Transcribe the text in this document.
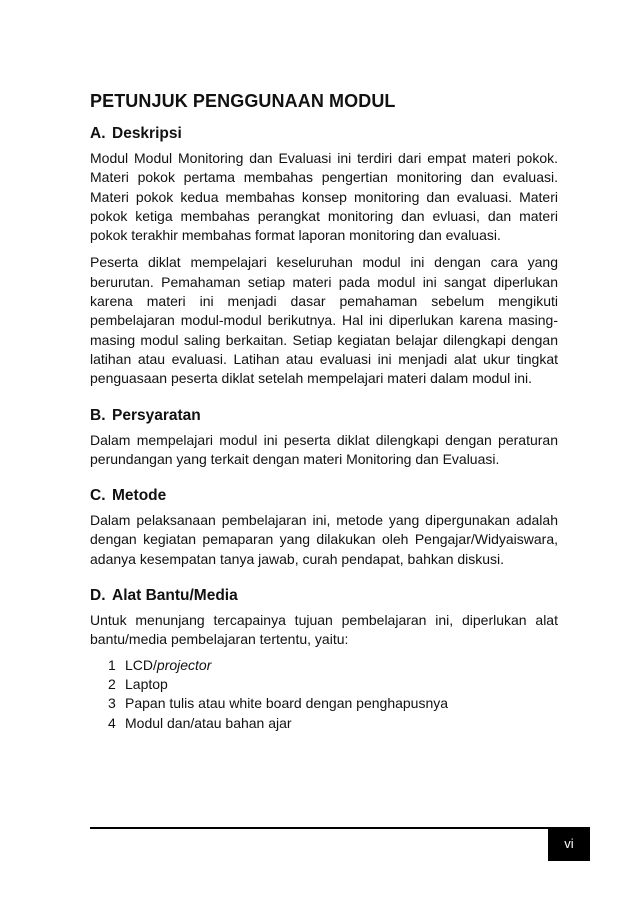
PETUNJUK PENGGUNAAN MODUL
A. Deskripsi

Modul Modul Monitoring dan Evaluasi ini terdiri dari empat materi pokok. Materi pokok pertama membahas pengertian monitoring dan evaluasi. Materi pokok kedua membahas konsep monitoring dan evaluasi. Materi pokok ketiga membahas perangkat monitoring dan evluasi, dan materi pokok terakhir membahas format laporan monitoring dan evaluasi.

Peserta diklat mempelajari keseluruhan modul ini dengan cara yang berurutan. Pemahaman setiap materi pada modul ini sangat diperlukan karena materi ini menjadi dasar pemahaman sebelum mengikuti pembelajaran modul-modul berikutnya. Hal ini diperlukan karena masing-masing modul saling berkaitan. Setiap kegiatan belajar dilengkapi dengan latihan atau evaluasi. Latihan atau evaluasi ini menjadi alat ukur tingkat penguasaan peserta diklat setelah mempelajari materi dalam modul ini.

B. Persyaratan

Dalam mempelajari modul ini peserta diklat dilengkapi dengan peraturan perundangan yang terkait dengan materi Monitoring dan Evaluasi.

C. Metode

Dalam pelaksanaan pembelajaran ini, metode yang dipergunakan adalah dengan kegiatan pemaparan yang dilakukan oleh Pengajar/Widyaiswara, adanya kesempatan tanya jawab, curah pendapat, bahkan diskusi.

D. Alat Bantu/Media

Untuk menunjang tercapainya tujuan pembelajaran ini, diperlukan alat bantu/media pembelajaran tertentu, yaitu:

1 LCD/projector
2 Laptop
3 Papan tulis atau white board dengan penghapusnya
4 Modul dan/atau bahan ajar
vi
